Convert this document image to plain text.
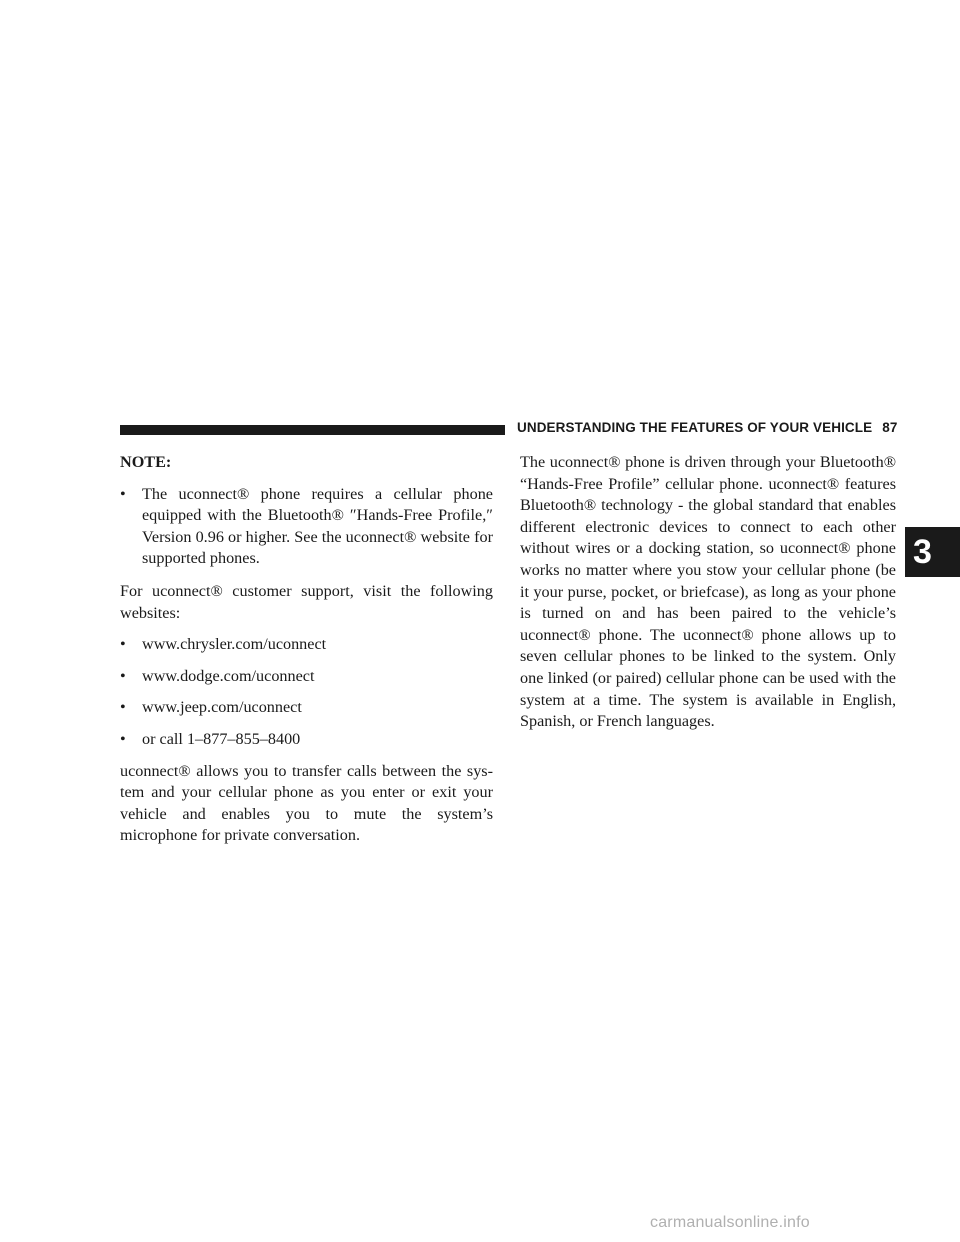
UNDERSTANDING THE FEATURES OF YOUR VEHICLE 87

NOTE:

•	The uconnect® phone requires a cellular phone equipped with the Bluetooth® ″Hands-Free Profile,″ Version 0.96 or higher. See the uconnect® website for supported phones.

For uconnect® customer support, visit the following websites:

•	www.chrysler.com/uconnect
•	www.dodge.com/uconnect
•	www.jeep.com/uconnect
•	or call 1–877–855–8400

uconnect® allows you to transfer calls between the sys-tem and your cellular phone as you enter or exit your vehicle and enables you to mute the system’s microphone for private conversation.

The uconnect® phone is driven through your Bluetooth® “Hands-Free Profile” cellular phone. uconnect® features Bluetooth® technology - the global standard that enables different electronic devices to connect to each other without wires or a docking station, so uconnect® phone works no matter where you stow your cellular phone (be it your purse, pocket, or briefcase), as long as your phone is turned on and has been paired to the vehicle’s uconnect® phone. The uconnect® phone allows up to seven cellular phones to be linked to the system. Only one linked (or paired) cellular phone can be used with the system at a time. The system is available in English, Spanish, or French languages.

3
carmanualsonline.info
